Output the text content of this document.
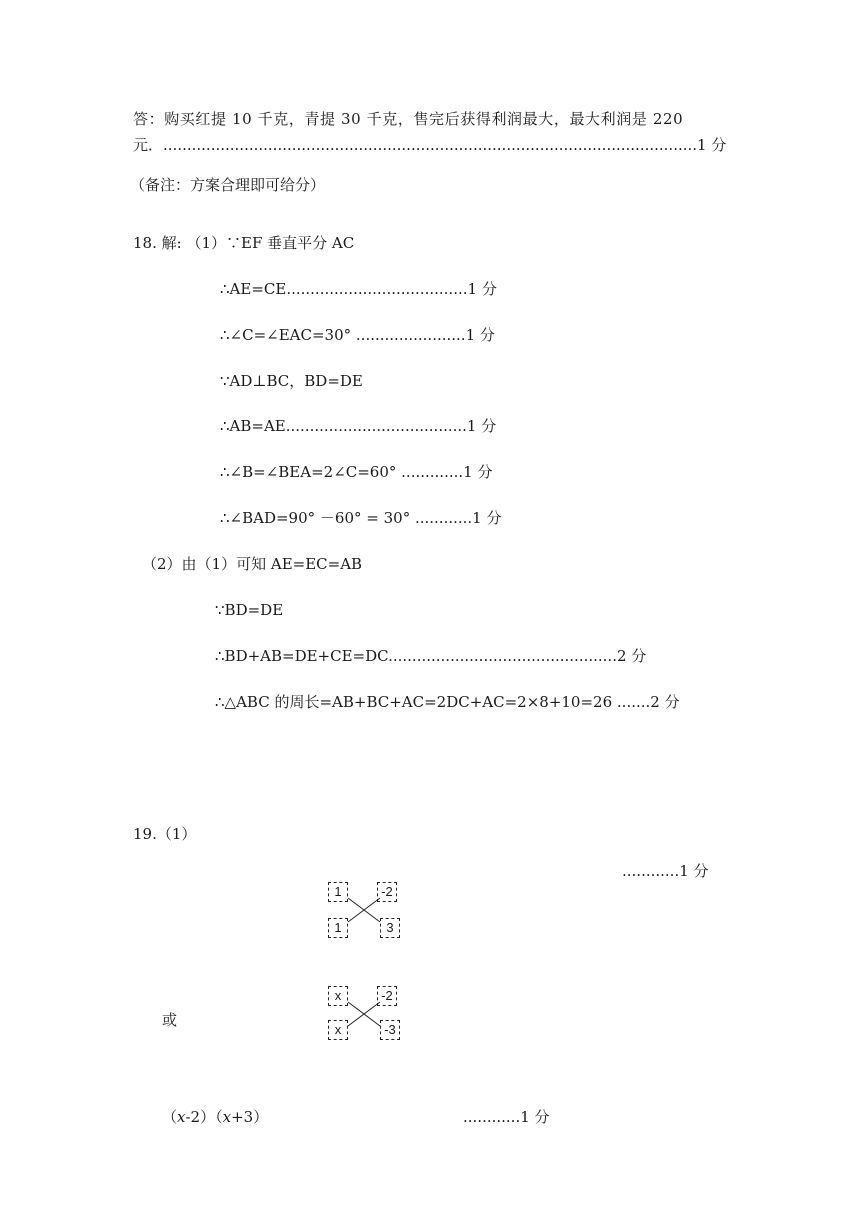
答：购买红提 10 千克，青提 30 千克，售完后获得利润最大，最大利润是 220
元．................................................................................................................1 分
（备注：方案合理即可给分）
18. 解: （1）∵EF 垂直平分 AC
∴AE=CE......................................1 分
∴∠C=∠EAC=30° .......................1 分
∵AD⊥BC，BD=DE
∴AB=AE......................................1 分
∴∠B=∠BEA=2∠C=60° .............1 分
∴∠BAD=90° －60° = 30° ............1 分
（2）由（1）可知 AE=EC=AB
∵BD=DE
∴BD+AB=DE+CE=DC................................................2 分
∴△ABC 的周长=AB+BC+AC=2DC+AC=2×8+10=26 .......2 分
19.（1）
............1 分
1	-2
1	3
或
x	-2
x	-3
（x-2）（x+3）	............1 分
